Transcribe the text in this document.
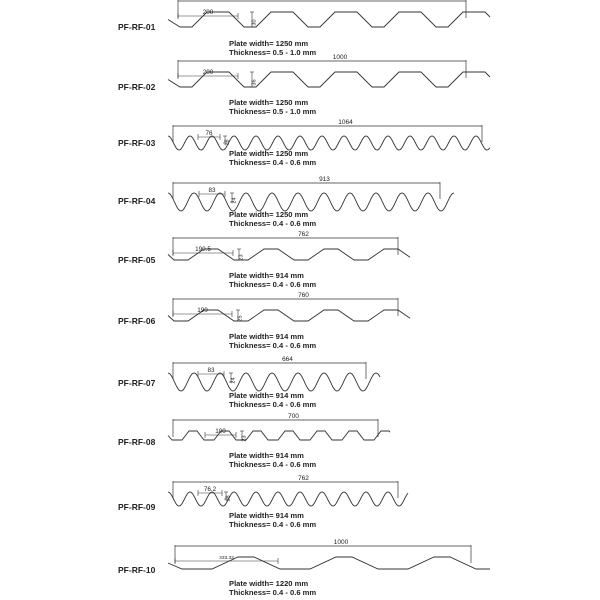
200
30
1000
200
36
1064
76
18
913
83
24
762
190.5
23
760
190
25
664
83
24
700
100
23
762
76.2
18
1000
333.33
PF-RF-01
Plate width= 1250 mm
Thickness= 0.5 - 1.0 mm
PF-RF-02
Plate width= 1250 mm
Thickness= 0.5 - 1.0 mm
PF-RF-03
Plate width= 1250 mm
Thickness= 0.4 - 0.6 mm
PF-RF-04
Plate width= 1250 mm
Thickness= 0.4 - 0.6 mm
PF-RF-05
Plate width= 914 mm
Thickness= 0.4 - 0.6 mm
PF-RF-06
Plate width= 914 mm
Thickness= 0.4 - 0.6 mm
PF-RF-07
Plate width= 914 mm
Thickness= 0.4 - 0.6 mm
PF-RF-08
Plate width= 914 mm
Thickness= 0.4 - 0.6 mm
PF-RF-09
Plate width= 914 mm
Thickness= 0.4 - 0.6 mm
PF-RF-10
Plate width= 1220 mm
Thickness= 0.4 - 0.6 mm
